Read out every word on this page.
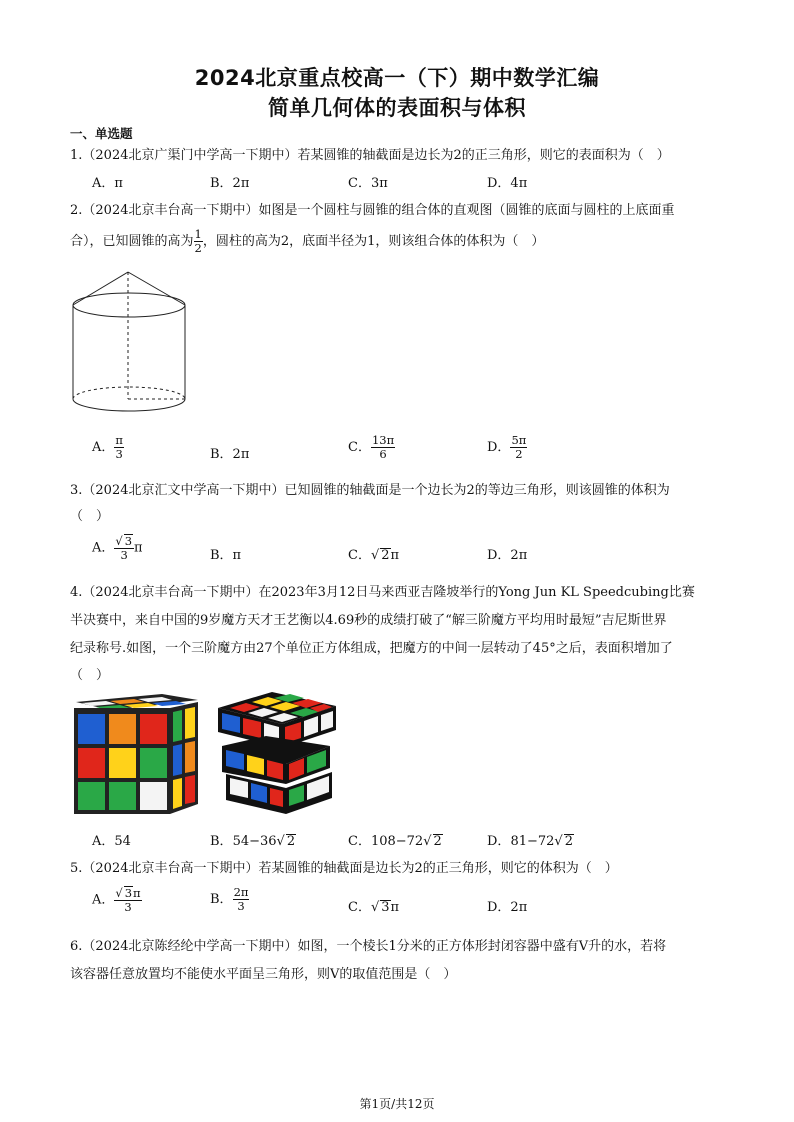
2024北京重点校高一（下）期中数学汇编
简单几何体的表面积与体积
一、单选题
1.（2024北京广渠门中学高一下期中）若某圆锥的轴截面是边长为2的正三角形，则它的表面积为（　）
A．π	B．2π	C．3π	D．4π
2.（2024北京丰台高一下期中）如图是一个圆柱与圆锥的组合体的直观图（圆锥的底面与圆柱的上底面重
合），已知圆锥的高为 $\frac{1}{2}$ ，圆柱的高为2，底面半径为1，则该组合体的体积为（　）
A． $\frac{\pi}{3}$	B．2π	C． $\frac{13\pi}{6}$	D． $\frac{5\pi}{2}$
3.（2024北京汇文中学高一下期中）已知圆锥的轴截面是一个边长为2的等边三角形，则该圆锥的体积为
（　）
A． $\frac{√ 3}{3}$ π	B．π	C．√ 2π	D．2π
4.（2024北京丰台高一下期中）在2023年3月12日马来西亚吉隆坡举行的Yong Jun KL Speedcubing比赛
半决赛中，来自中国的9岁魔方天才王艺衡以4.69秒的成绩打破了“解三阶魔方平均用时最短”吉尼斯世界
纪录称号.如图，一个三阶魔方由27个单位正方体组成，把魔方的中间一层转动了45°之后，表面积增加了
（　）
A．54	B．54−36√ 2	C．108−72√ 2	D．81−72√ 2
5.（2024北京丰台高一下期中）若某圆锥的轴截面是边长为2的正三角形，则它的体积为（　）
A． $\frac{√ 3\pi}{3}$	B． $\frac{2\pi}{3}$	C．√ 3π	D．2π
6.（2024北京陈经纶中学高一下期中）如图，一个棱长1分米的正方体形封闭容器中盛有V升的水，若将
该容器任意放置均不能使水平面呈三角形，则V的取值范围是（　）
第1页/共12页
